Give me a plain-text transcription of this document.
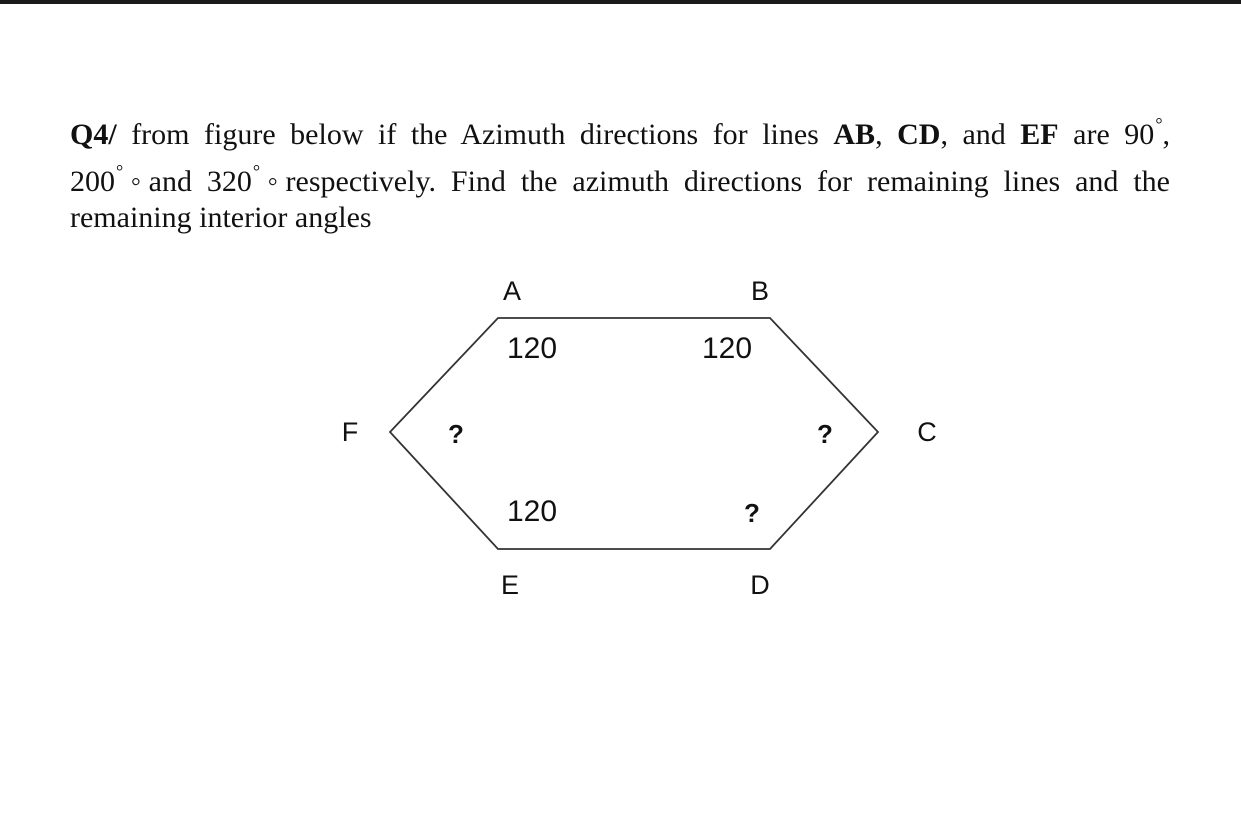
Q4/ from figure below if the Azimuth directions for lines AB, CD, and EF are 90°,
200°◦and 320°◦respectively. Find the azimuth directions for remaining lines and the
remaining interior angles
A	B
C
D
E
F
120	120
?
?
120
?
